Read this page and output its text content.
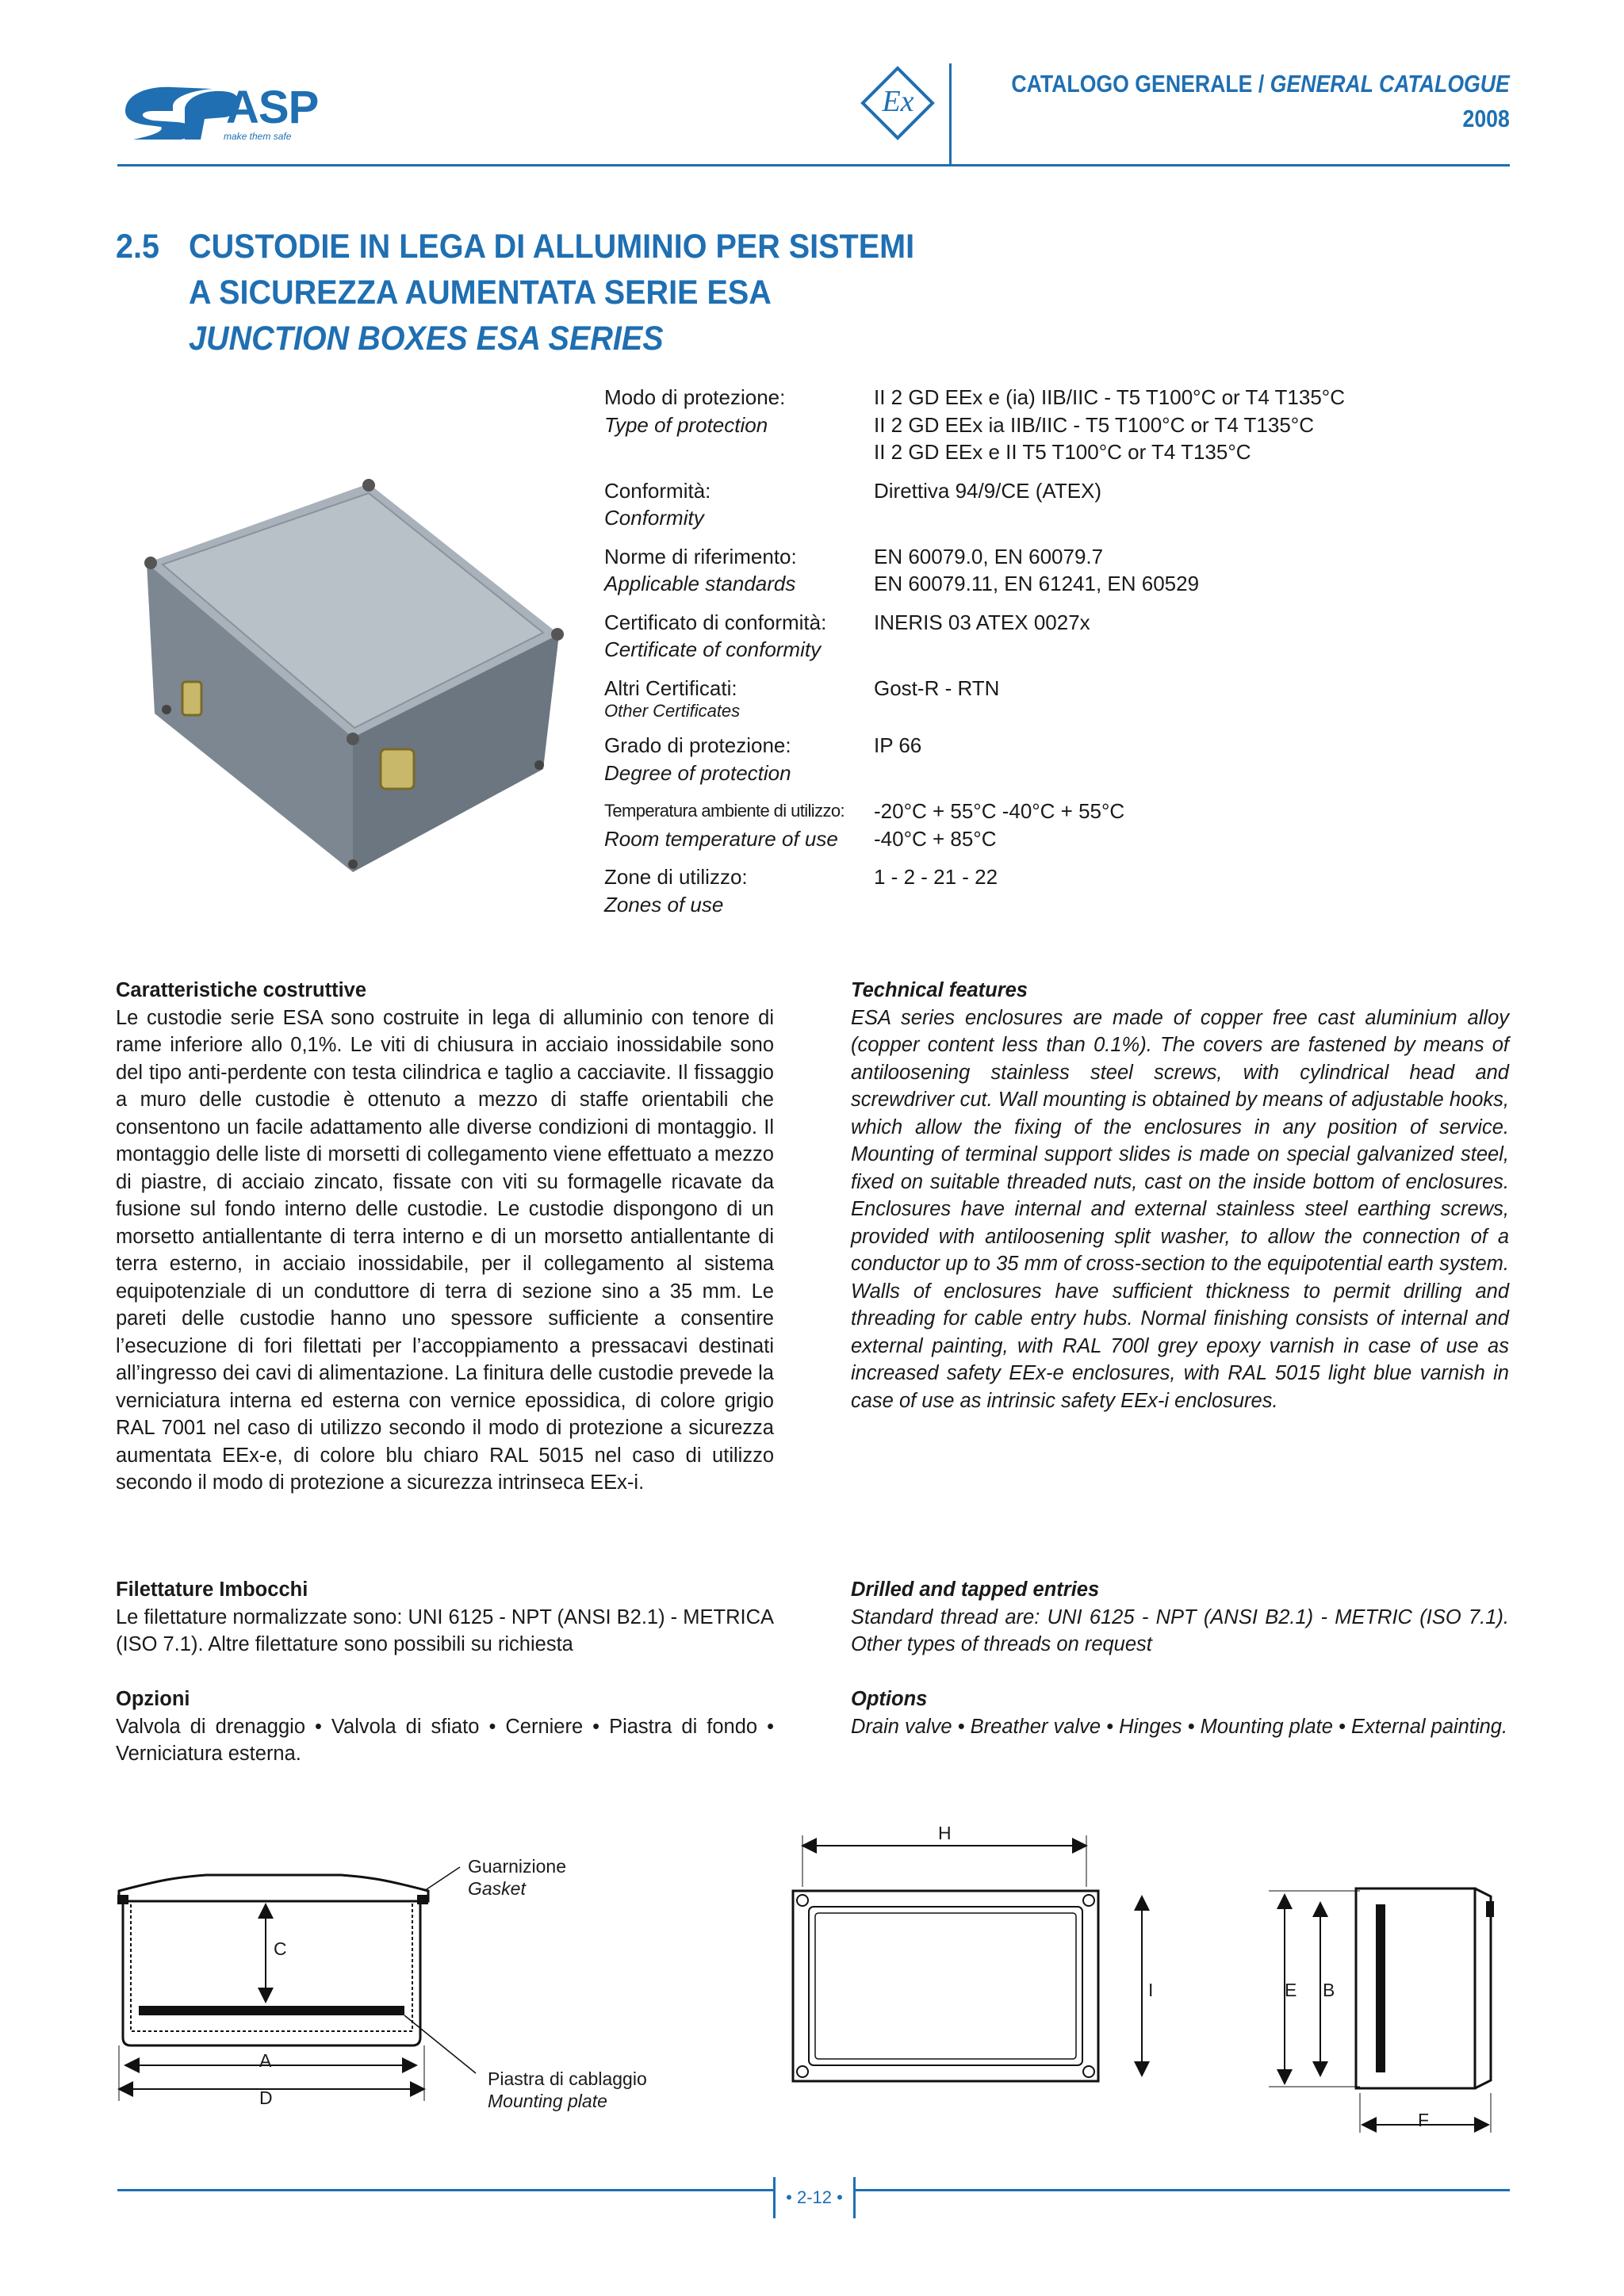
ASP
make them safe
Ex
CATALOGO GENERALE / GENERAL CATALOGUE
2008
2.5 CUSTODIE IN LEGA DI ALLUMINIO PER SISTEMI
A SICUREZZA AUMENTATA SERIE ESA
JUNCTION BOXES ESA SERIES
Modo di protezione:	II 2 GD EEx e (ia) IIB/IIC - T5 T100°C or T4 T135°C
Type of protection	II 2 GD EEx ia IIB/IIC - T5 T100°C or T4 T135°C
II 2 GD EEx e II T5 T100°C or T4 T135°C
Conformità:	Direttiva 94/9/CE (ATEX)
Conformity
Norme di riferimento:	EN 60079.0, EN 60079.7
Applicable standards	EN 60079.11, EN 61241, EN 60529
Certificato di conformità:	INERIS 03 ATEX 0027x
Certificate of conformity
Altri Certificati:	Gost-R - RTN
Other Certificates
Grado di protezione:	IP 66
Degree of protection
Temperatura ambiente di utilizzo:	-20°C + 55°C -40°C + 55°C
Room temperature of use	-40°C + 85°C
Zone di utilizzo:	1 - 2 - 21 - 22
Zones of use
Caratteristiche costruttive
Le custodie serie ESA sono costruite in lega di alluminio con tenore di rame inferiore allo 0,1%. Le viti di chiusura in acciaio inossidabile sono del tipo anti-perdente con testa cilindrica e taglio a cacciavite. Il fissaggio a muro delle custodie è ottenuto a mezzo di staffe orientabili che consentono un facile adattamento alle diverse condizioni di montaggio. Il montaggio delle liste di morsetti di collegamento viene effettuato a mezzo di piastre, di acciaio zincato, fissate con viti su formagelle ricavate da fusione sul fondo interno delle custodie. Le custodie dispongono di un morsetto antiallentante di terra interno e di un morsetto antiallentante di terra esterno, in acciaio inossidabile, per il collegamento al sistema equipotenziale di un conduttore di terra di sezione sino a 35 mm. Le pareti delle custodie hanno uno spessore sufficiente a consentire l’esecuzione di fori filettati per l’accoppiamento a pressacavi destinati all’ingresso dei cavi di alimentazione. La finitura delle custodie prevede la verniciatura interna ed esterna con vernice epossidica, di colore grigio RAL 7001 nel caso di utilizzo secondo il modo di protezione a sicurezza aumentata EEx-e, di colore blu chiaro RAL 5015 nel caso di utilizzo secondo il modo di protezione a sicurezza intrinseca EEx-i.
Technical features
ESA series enclosures are made of copper free cast aluminium alloy (copper content less than 0.1%). The covers are fastened by means of antiloosening stainless steel screws, with cylindrical head and screwdriver cut. Wall mounting is obtained by means of adjustable hooks, which allow the fixing of the enclosures in any position of service. Mounting of terminal support slides is made on special galvanized steel, fixed on suitable threaded nuts, cast on the inside bottom of enclosures. Enclosures have internal and external stainless steel earthing screws, provided with antiloosening split washer, to allow the connection of a conductor up to 35 mm of cross-section to the equipotential earth system. Walls of enclosures have sufficient thickness to permit drilling and threading for cable entry hubs. Normal finishing consists of internal and external painting, with RAL 700l grey epoxy varnish in case of use as increased safety EEx-e enclosures, with RAL 5015 light blue varnish in case of use as intrinsic safety EEx-i enclosures.
Filettature Imbocchi
Le filettature normalizzate sono: UNI 6125 - NPT (ANSI B2.1) - METRICA (ISO 7.1). Altre filettature sono possibili su richiesta
Drilled and tapped entries
Standard thread are: UNI 6125 - NPT (ANSI B2.1) - METRIC (ISO 7.1). Other types of threads on request
Opzioni
Valvola di drenaggio • Valvola di sfiato • Cerniere • Piastra di fondo • Verniciatura esterna.
Options
Drain valve • Breather valve • Hinges • Mounting plate • External painting.
C
A
D
Guarnizione
Gasket
Piastra di cablaggio
Mounting plate
H
I	E B
F
• 2-12 •
